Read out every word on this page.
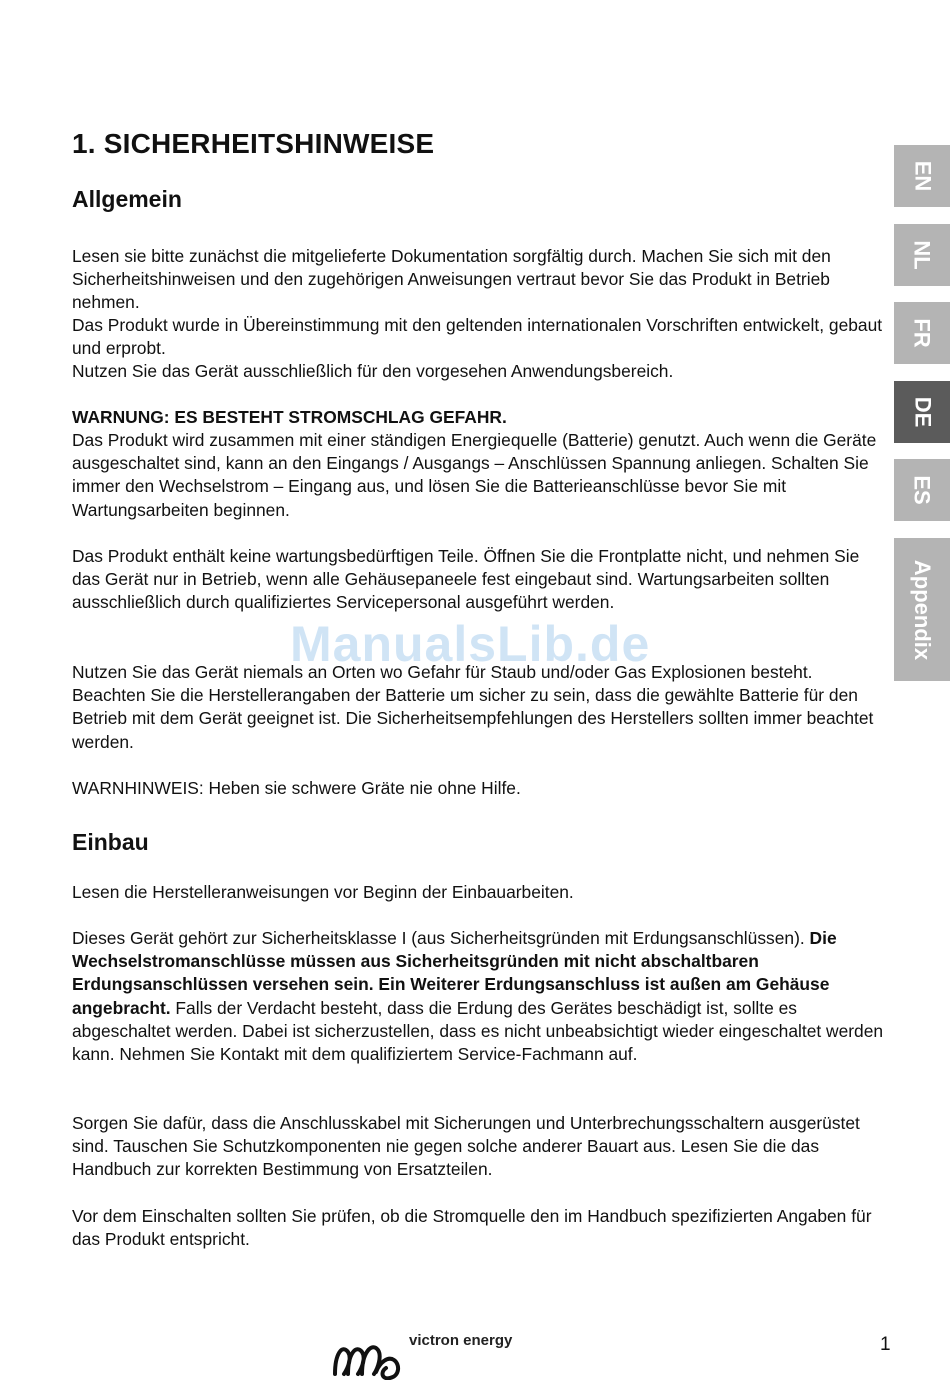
1. SICHERHEITSHINWEISE
Allgemein

Lesen sie bitte zunächst die mitgelieferte Dokumentation sorgfältig durch. Machen Sie sich mit den Sicherheitshinweisen und den zugehörigen Anweisungen vertraut bevor Sie das Produkt in Betrieb nehmen.

Das Produkt wurde in Übereinstimmung mit den geltenden internationalen Vorschriften entwickelt, gebaut und erprobt.

Nutzen Sie das Gerät ausschließlich für den vorgesehen Anwendungsbereich.

WARNUNG: ES BESTEHT STROMSCHLAG GEFAHR.

Das Produkt wird zusammen mit einer ständigen Energiequelle (Batterie) genutzt. Auch wenn die Geräte ausgeschaltet sind, kann an den Eingangs / Ausgangs – Anschlüssen Spannung anliegen. Schalten Sie immer den Wechselstrom – Eingang aus, und lösen Sie die Batterieanschlüsse bevor Sie mit Wartungsarbeiten beginnen.

Das Produkt enthält keine wartungsbedürftigen Teile. Öffnen Sie die Frontplatte nicht, und nehmen Sie das Gerät nur in Betrieb, wenn alle Gehäusepaneele fest eingebaut sind. Wartungsarbeiten sollten ausschließlich durch qualifiziertes Servicepersonal ausgeführt werden.

Nutzen Sie das Gerät niemals an Orten wo Gefahr für Staub und/oder Gas Explosionen besteht. Beachten Sie die Herstellerangaben der Batterie um sicher zu sein, dass die gewählte Batterie für den Betrieb mit dem Gerät geeignet ist. Die Sicherheitsempfehlungen des Herstellers sollten immer beachtet werden.

WARNHINWEIS: Heben sie schwere Gräte nie ohne Hilfe.

Einbau

Lesen die Herstelleranweisungen vor Beginn der Einbauarbeiten.

Dieses Gerät gehört zur Sicherheitsklasse I (aus Sicherheitsgründen mit Erdungsanschlüssen). Die Wechselstromanschlüsse müssen aus Sicherheitsgründen mit nicht abschaltbaren Erdungsanschlüssen versehen sein. Ein Weiterer Erdungsanschluss ist außen am Gehäuse angebracht. Falls der Verdacht besteht, dass die Erdung des Gerätes beschädigt ist, sollte es abgeschaltet werden. Dabei ist sicherzustellen, dass es nicht unbeabsichtigt wieder eingeschaltet werden kann. Nehmen Sie Kontakt mit dem qualifiziertem Service-Fachmann auf.

Sorgen Sie dafür, dass die Anschlusskabel mit Sicherungen und Unterbrechungsschaltern ausgerüstet sind. Tauschen Sie Schutzkomponenten nie gegen solche anderer Bauart aus. Lesen Sie die das Handbuch zur korrekten Bestimmung von Ersatzteilen.

Vor dem Einschalten sollten Sie prüfen, ob die Stromquelle den im Handbuch spezifizierten Angaben für das Produkt entspricht.

ManualsLib.de
EN
NL
FR
DE
ES
Appendix
victron energy	1
